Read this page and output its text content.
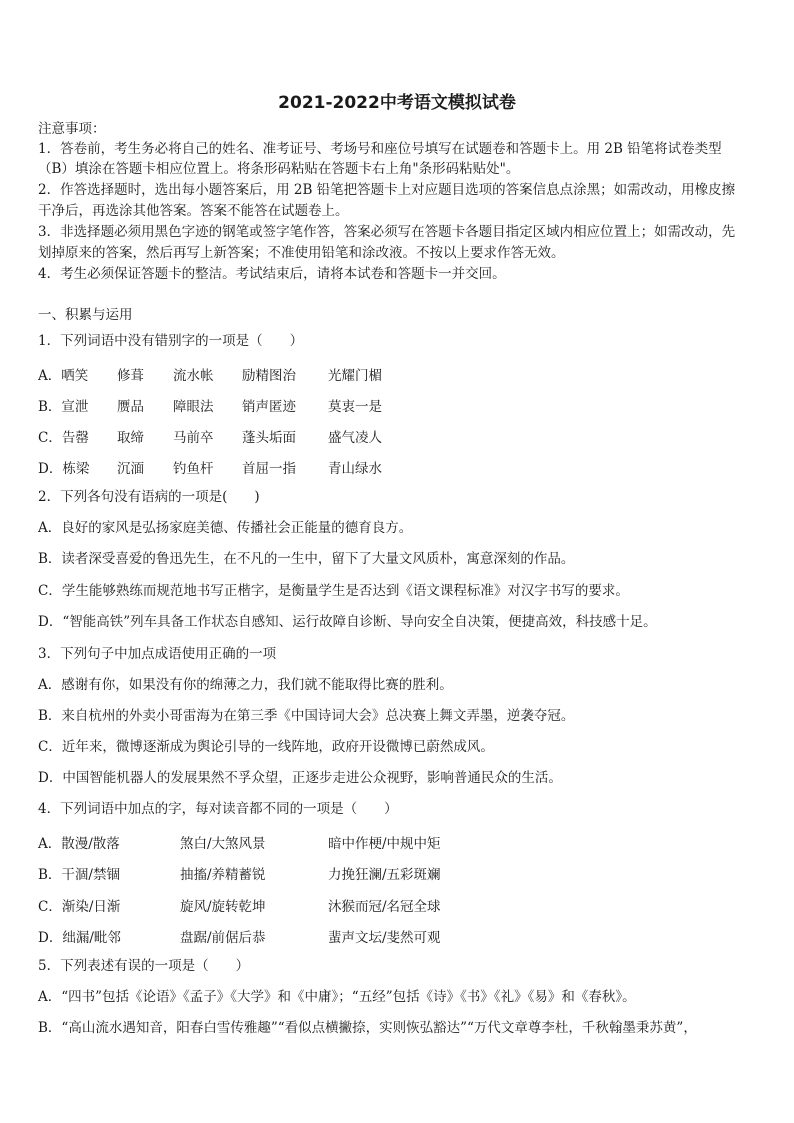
2021-2022中考语文模拟试卷
注意事项：
1．答卷前，考生务必将自己的姓名、准考证号、考场号和座位号填写在试题卷和答题卡上。用 2B 铅笔将试卷类型
（B）填涂在答题卡相应位置上。将条形码粘贴在答题卡右上角"条形码粘贴处"。
2．作答选择题时，选出每小题答案后，用 2B 铅笔把答题卡上对应题目选项的答案信息点涂黑；如需改动，用橡皮擦
干净后，再选涂其他答案。答案不能答在试题卷上。
3．非选择题必须用黑色字迹的钢笔或签字笔作答，答案必须写在答题卡各题目指定区域内相应位置上；如需改动，先
划掉原来的答案，然后再写上新答案；不准使用铅笔和涂改液。不按以上要求作答无效。
4．考生必须保证答题卡的整洁。考试结束后，请将本试卷和答题卡一并交回。
一、积累与运用
1．下列词语中没有错别字的一项是（　　）
A．哂笑 修葺 流水帐 励精图治 光耀门楣
B．宣泄 赝品 障眼法 销声匿迹 莫衷一是
C．告罄 取缔 马前卒 蓬头垢面 盛气凌人
D．栋梁 沉湎 钓鱼杆 首屈一指 青山绿水
2．下列各句没有语病的一项是(　　)
A．良好的家风是弘扬家庭美德、传播社会正能量的德育良方。
B．读者深受喜爱的鲁迅先生，在不凡的一生中，留下了大量文风质朴，寓意深刻的作品。
C．学生能够熟练而规范地书写正楷字，是衡量学生是否达到《语文课程标准》对汉字书写的要求。
D．“智能高铁”列车具备工作状态自感知、运行故障自诊断、导向安全自决策，便捷高效，科技感十足。
3．下列句子中加点成语使用正确的一项
A．感谢有你，如果没有你的绵薄之力，我们就不能取得比赛的胜利。
B．来自杭州的外卖小哥雷海为在第三季《中国诗词大会》总决赛上舞文弄墨，逆袭夺冠。
C．近年来，微博逐渐成为舆论引导的一线阵地，政府开设微博已蔚然成风。
D．中国智能机器人的发展果然不孚众望，正逐步走进公众视野，影响普通民众的生活。
4．下列词语中加点的字，每对读音都不同的一项是（　　）
A．散漫/散落	煞白/大煞风景	暗中作梗/中规中矩
B．干涸/禁锢	抽搐/养精蓄锐	力挽狂澜/五彩斑斓
C．渐染/日渐	旋风/旋转乾坤	沐猴而冠/名冠全球
D．绌漏/毗邻	盘踞/前倨后恭	蜚声文坛/斐然可观
5．下列表述有误的一项是（　　）
A．“四书”包括《论语》《孟子》《大学》和《中庸》；“五经”包括《诗》《书》《礼》《易》和《春秋》。
B．“高山流水遇知音，阳春白雪传雅趣”“看似点横撇捺，实则恢弘豁达”“万代文章尊李杜，千秋翰墨秉苏黄”，
